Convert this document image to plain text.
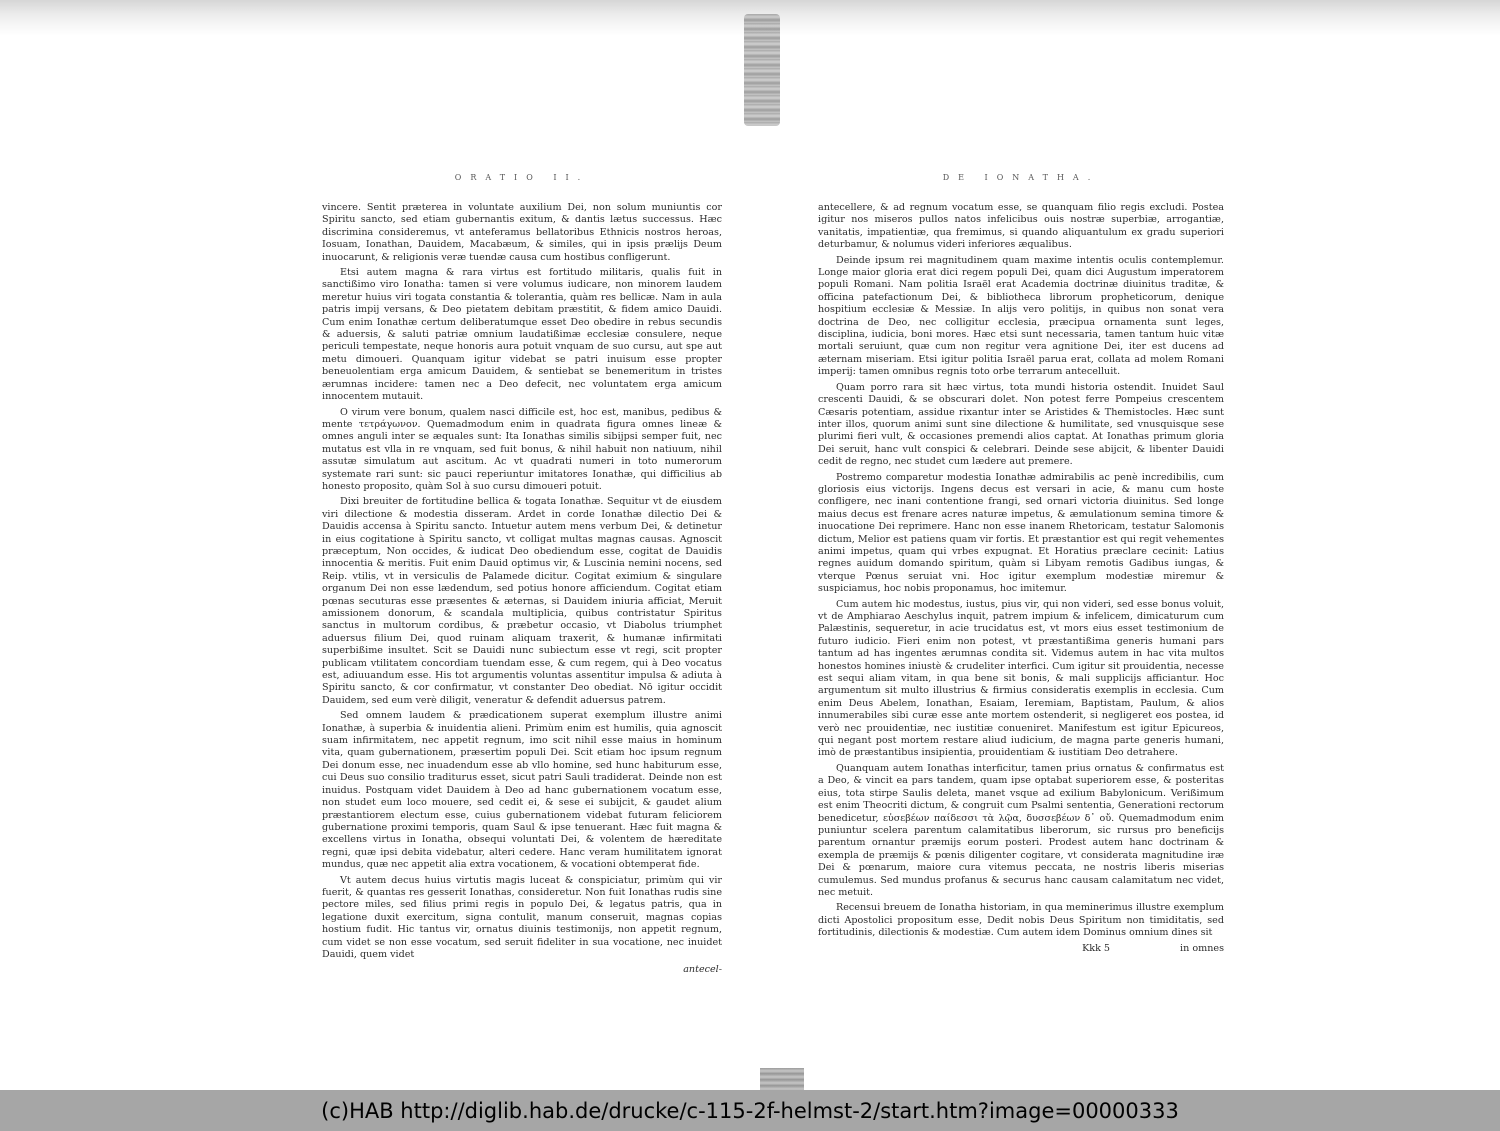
ORATIO II.

vincere. Sentit præterea in voluntate auxilium Dei, non solum muniuntis cor Spiritu sancto, sed etiam gubernantis exitum, & dantis lætus successus. Hæc discrimina consideremus, vt anteferamus bellatoribus Ethnicis nostros heroas, Iosuam, Ionathan, Dauidem, Macabæum, & similes, qui in ipsis prælijs Deum inuocarunt, & religionis veræ tuendæ causa cum hostibus confligerunt.

Etsi autem magna & rara virtus est fortitudo militaris, qualis fuit in sanctißimo viro Ionatha: tamen si vere volumus iudicare, non minorem laudem meretur huius viri togata constantia & tolerantia, quàm res bellicæ. Nam in aula patris impij versans, & Deo pietatem debitam præstitit, & fidem amico Dauidi. Cum enim Ionathæ certum deliberatumque esset Deo obedire in rebus secundis & aduersis, & saluti patriæ omnium laudatißimæ ecclesiæ consulere, neque periculi tempestate, neque honoris aura potuit vnquam de suo cursu, aut spe aut metu dimoueri. Quanquam igitur videbat se patri inuisum esse propter beneuolentiam erga amicum Dauidem, & sentiebat se benemeritum in tristes ærumnas incidere: tamen nec a Deo defecit, nec voluntatem erga amicum innocentem mutauit.

O virum vere bonum, qualem nasci difficile est, hoc est, manibus, pedibus & mente τετράγωνον. Quemadmodum enim in quadrata figura omnes lineæ & omnes anguli inter se æquales sunt: Ita Ionathas similis sibijpsi semper fuit, nec mutatus est vlla in re vnquam, sed fuit bonus, & nihil habuit non natiuum, nihil assutæ simulatum aut ascitum. Ac vt quadrati numeri in toto numerorum systemate rari sunt: sic pauci reperiuntur imitatores Ionathæ, qui difficilius ab honesto proposito, quàm Sol à suo cursu dimoueri potuit.

Dixi breuiter de fortitudine bellica & togata Ionathæ. Sequitur vt de eiusdem viri dilectione & modestia disseram. Ardet in corde Ionathæ dilectio Dei & Dauidis accensa à Spiritu sancto. Intuetur autem mens verbum Dei, & detinetur in eius cogitatione à Spiritu sancto, vt colligat multas magnas causas. Agnoscit præceptum, Non occides, & iudicat Deo obediendum esse, cogitat de Dauidis innocentia & meritis. Fuit enim Dauid optimus vir, & Luscinia nemini nocens, sed Reip. vtilis, vt in versiculis de Palamede dicitur. Cogitat eximium & singulare organum Dei non esse lædendum, sed potius honore afficiendum. Cogitat etiam pœnas secuturas esse præsentes & æternas, si Dauidem iniuria afficiat, Meruit amissionem donorum, & scandala multiplicia, quibus contristatur Spiritus sanctus in multorum cordibus, & præbetur occasio, vt Diabolus triumphet aduersus filium Dei, quod ruinam aliquam traxerit, & humanæ infirmitati superbißime insultet. Scit se Dauidi nunc subiectum esse vt regi, scit propter publicam vtilitatem concordiam tuendam esse, & cum regem, qui à Deo vocatus est, adiuuandum esse. His tot argumentis voluntas assentitur impulsa & adiuta à Spiritu sancto, & cor confirmatur, vt constanter Deo obediat. Nō igitur occidit Dauidem, sed eum verè diligit, veneratur & defendit aduersus patrem.

Sed omnem laudem & prædicationem superat exemplum illustre animi Ionathæ, à superbia & inuidentia alieni. Primùm enim est humilis, quia agnoscit suam infirmitatem, nec appetit regnum, imo scit nihil esse maius in hominum vita, quam gubernationem, præsertim populi Dei. Scit etiam hoc ipsum regnum Dei donum esse, nec inuadendum esse ab vllo homine, sed hunc habiturum esse, cui Deus suo consilio traditurus esset, sicut patri Sauli tradiderat. Deinde non est inuidus. Postquam videt Dauidem à Deo ad hanc gubernationem vocatum esse, non studet eum loco mouere, sed cedit ei, & sese ei subijcit, & gaudet alium præstantiorem electum esse, cuius gubernationem videbat futuram feliciorem gubernatione proximi temporis, quam Saul & ipse tenuerant. Hæc fuit magna & excellens virtus in Ionatha, obsequi voluntati Dei, & volentem de hæreditate regni, quæ ipsi debita videbatur, alteri cedere. Hanc veram humilitatem ignorat mundus, quæ nec appetit alia extra vocationem, & vocationi obtemperat fide.

Vt autem decus huius virtutis magis luceat & conspiciatur, primùm qui vir fuerit, & quantas res gesserit Ionathas, consideretur. Non fuit Ionathas rudis sine pectore miles, sed filius primi regis in populo Dei, & legatus patris, qua in legatione duxit exercitum, signa contulit, manum conseruit, magnas copias hostium fudit. Hic tantus vir, ornatus diuinis testimonijs, non appetit regnum, cum videt se non esse vocatum, sed seruit fideliter in sua vocatione, nec inuidet Dauidi, quem videt

antecel-
DE IONATHA.

antecellere, & ad regnum vocatum esse, se quanquam filio regis excludi. Postea igitur nos miseros pullos natos infelicibus ouis nostræ superbiæ, arrogantiæ, vanitatis, impatientiæ, qua fremimus, si quando aliquantulum ex gradu superiori deturbamur, & nolumus videri inferiores æqualibus.

Deinde ipsum rei magnitudinem quam maxime intentis oculis contemplemur. Longe maior gloria erat dici regem populi Dei, quam dici Augustum imperatorem populi Romani. Nam politia Israël erat Academia doctrinæ diuinitus traditæ, & officina patefactionum Dei, & bibliotheca librorum propheticorum, denique hospitium ecclesiæ & Messiæ. In alijs vero politijs, in quibus non sonat vera doctrina de Deo, nec colligitur ecclesia, præcipua ornamenta sunt leges, disciplina, iudicia, boni mores. Hæc etsi sunt necessaria, tamen tantum huic vitæ mortali seruiunt, quæ cum non regitur vera agnitione Dei, iter est ducens ad æternam miseriam. Etsi igitur politia Israël parua erat, collata ad molem Romani imperij: tamen omnibus regnis toto orbe terrarum antecelluit.

Quam porro rara sit hæc virtus, tota mundi historia ostendit. Inuidet Saul crescenti Dauidi, & se obscurari dolet. Non potest ferre Pompeius crescentem Cæsaris potentiam, assidue rixantur inter se Aristides & Themistocles. Hæc sunt inter illos, quorum animi sunt sine dilectione & humilitate, sed vnusquisque sese plurimi fieri vult, & occasiones premendi alios captat. At Ionathas primum gloria Dei seruit, hanc vult conspici & celebrari. Deinde sese abijcit, & libenter Dauidi cedit de regno, nec studet cum lædere aut premere.

Postremo comparetur modestia Ionathæ admirabilis ac penè incredibilis, cum gloriosis eius victorijs. Ingens decus est versari in acie, & manu cum hoste confligere, nec inani contentione frangi, sed ornari victoria diuinitus. Sed longe maius decus est frenare acres naturæ impetus, & æmulationum semina timore & inuocatione Dei reprimere. Hanc non esse inanem Rhetoricam, testatur Salomonis dictum, Melior est patiens quam vir fortis. Et præstantior est qui regit vehementes animi impetus, quam qui vrbes expugnat. Et Horatius præclare cecinit: Latius regnes auidum domando spiritum, quàm si Libyam remotis Gadibus iungas, & vterque Pœnus seruiat vni. Hoc igitur exemplum modestiæ miremur & suspiciamus, hoc nobis proponamus, hoc imitemur.

Cum autem hic modestus, iustus, pius vir, qui non videri, sed esse bonus voluit, vt de Amphiarao Aeschylus inquit, patrem impium & infelicem, dimicaturum cum Palæstinis, sequeretur, in acie trucidatus est, vt mors eius esset testimonium de futuro iudicio. Fieri enim non potest, vt præstantißima generis humani pars tantum ad has ingentes ærumnas condita sit. Videmus autem in hac vita multos honestos homines iniustè & crudeliter interfici. Cum igitur sit prouidentia, necesse est sequi aliam vitam, in qua bene sit bonis, & mali supplicijs afficiantur. Hoc argumentum sit multo illustrius & firmius consideratis exemplis in ecclesia. Cum enim Deus Abelem, Ionathan, Esaiam, Ieremiam, Baptistam, Paulum, & alios innumerabiles sibi curæ esse ante mortem ostenderit, si negligeret eos postea, id verò nec prouidentiæ, nec iustitiæ conueniret. Manifestum est igitur Epicureos, qui negant post mortem restare aliud iudicium, de magna parte generis humani, imò de præstantibus insipientia, prouidentiam & iustitiam Deo detrahere.

Quanquam autem Ionathas interficitur, tamen prius ornatus & confirmatus est a Deo, & vincit ea pars tandem, quam ipse optabat superiorem esse, & posteritas eius, tota stirpe Saulis deleta, manet vsque ad exilium Babylonicum. Verißimum est enim Theocriti dictum, & congruit cum Psalmi sententia, Generationi rectorum benedicetur, εὐσεβέων παίδεσσι τὰ λῷα, δυσσεβέων δ᾽ οὔ. Quemadmodum enim puniuntur scelera parentum calamitatibus liberorum, sic rursus pro beneficijs parentum ornantur præmijs eorum posteri. Prodest autem hanc doctrinam & exempla de præmijs & pœnis diligenter cogitare, vt considerata magnitudine iræ Dei & pœnarum, maiore cura vitemus peccata, ne nostris liberis miserias cumulemus. Sed mundus profanus & securus hanc causam calamitatum nec videt, nec metuit.

Recensui breuem de Ionatha historiam, in qua meminerimus illustre exemplum dicti Apostolici propositum esse, Dedit nobis Deus Spiritum non timiditatis, sed fortitudinis, dilectionis & modestiæ. Cum autem idem Dominus omnium dines sit

Kkk 5	in omnes
(c)HAB http://diglib.hab.de/drucke/c-115-2f-helmst-2/start.htm?image=00000333
